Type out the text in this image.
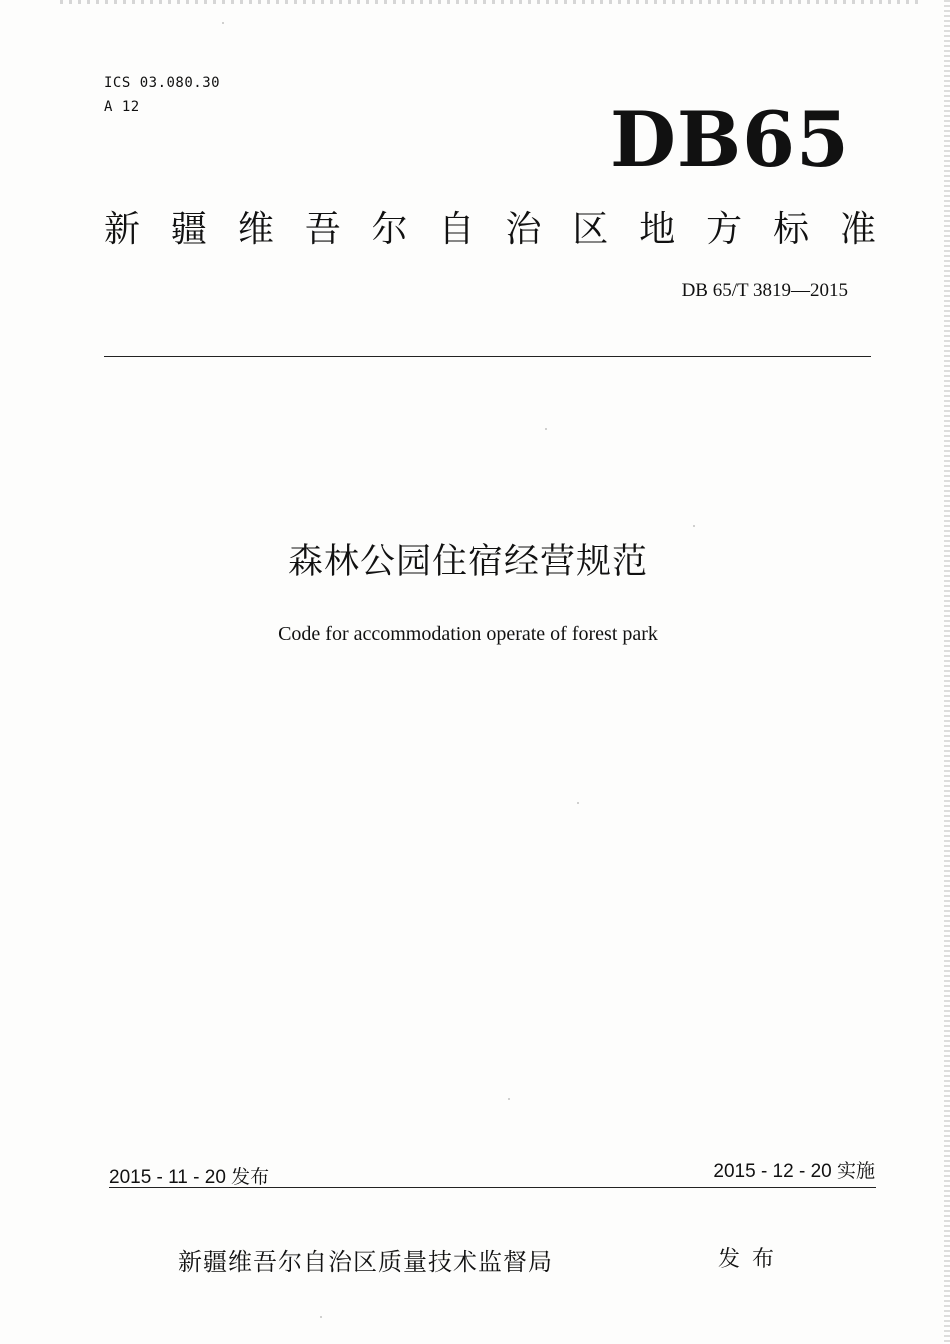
ICS 03.080.30
A 12	DB65
新 疆 维 吾 尔 自 治 区 地 方 标 准
DB 65/T 3819—2015
森林公园住宿经营规范
Code for accommodation operate of forest park
2015 - 11 - 20 发布	2015 - 12 - 20 实施
新疆维吾尔自治区质量技术监督局	发布
